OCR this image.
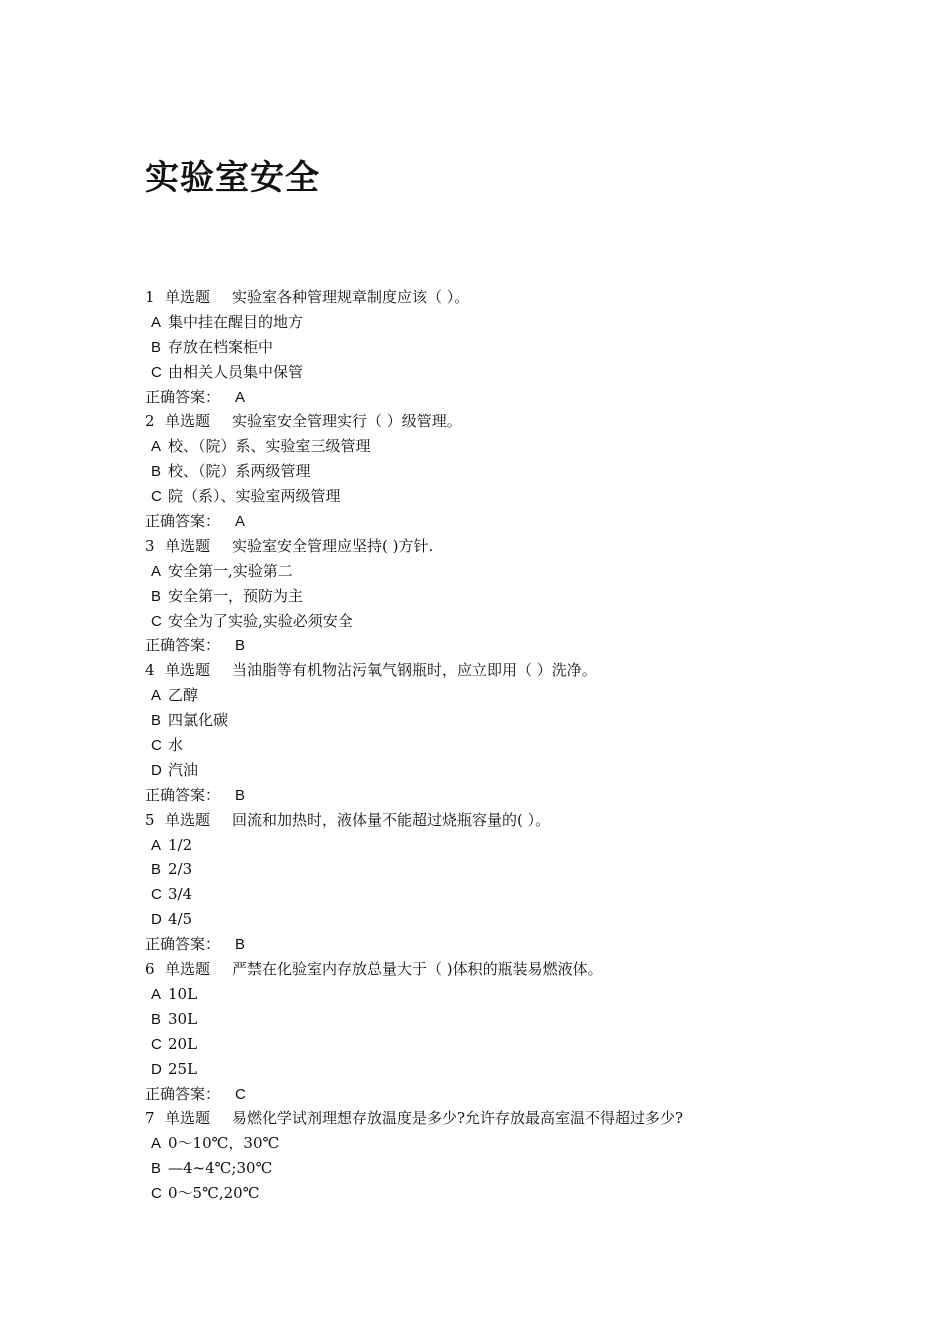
实验室安全
1 单选题 实验室各种管理规章制度应该（ ）。
A 集中挂在醒目的地方
B 存放在档案柜中
C 由相关人员集中保管
正确答案： A
2 单选题 实验室安全管理实行（ ）级管理。
A 校、（院）系、实验室三级管理
B 校、（院）系两级管理
C 院（系）、实验室两级管理
正确答案： A
3 单选题 实验室安全管理应坚持( )方针.
A 安全第一,实验第二
B 安全第一，预防为主
C 安全为了实验,实验必须安全
正确答案： B
4 单选题 当油脂等有机物沾污氧气钢瓶时，应立即用（ ）洗净。
A 乙醇
B 四氯化碳
C 水
D 汽油
正确答案： B
5 单选题 回流和加热时，液体量不能超过烧瓶容量的( ）。
A 1/2
B 2/3
C 3/4
D 4/5
正确答案： B
6 单选题 严禁在化验室内存放总量大于（ )体积的瓶装易燃液体。
A 10L
B 30L
C 20L
D 25L
正确答案： C
7 单选题 易燃化学试剂理想存放温度是多少?允许存放最高室温不得超过多少?
A 0～10℃，30℃
B —4~4℃;30℃
C 0～5℃,20℃
